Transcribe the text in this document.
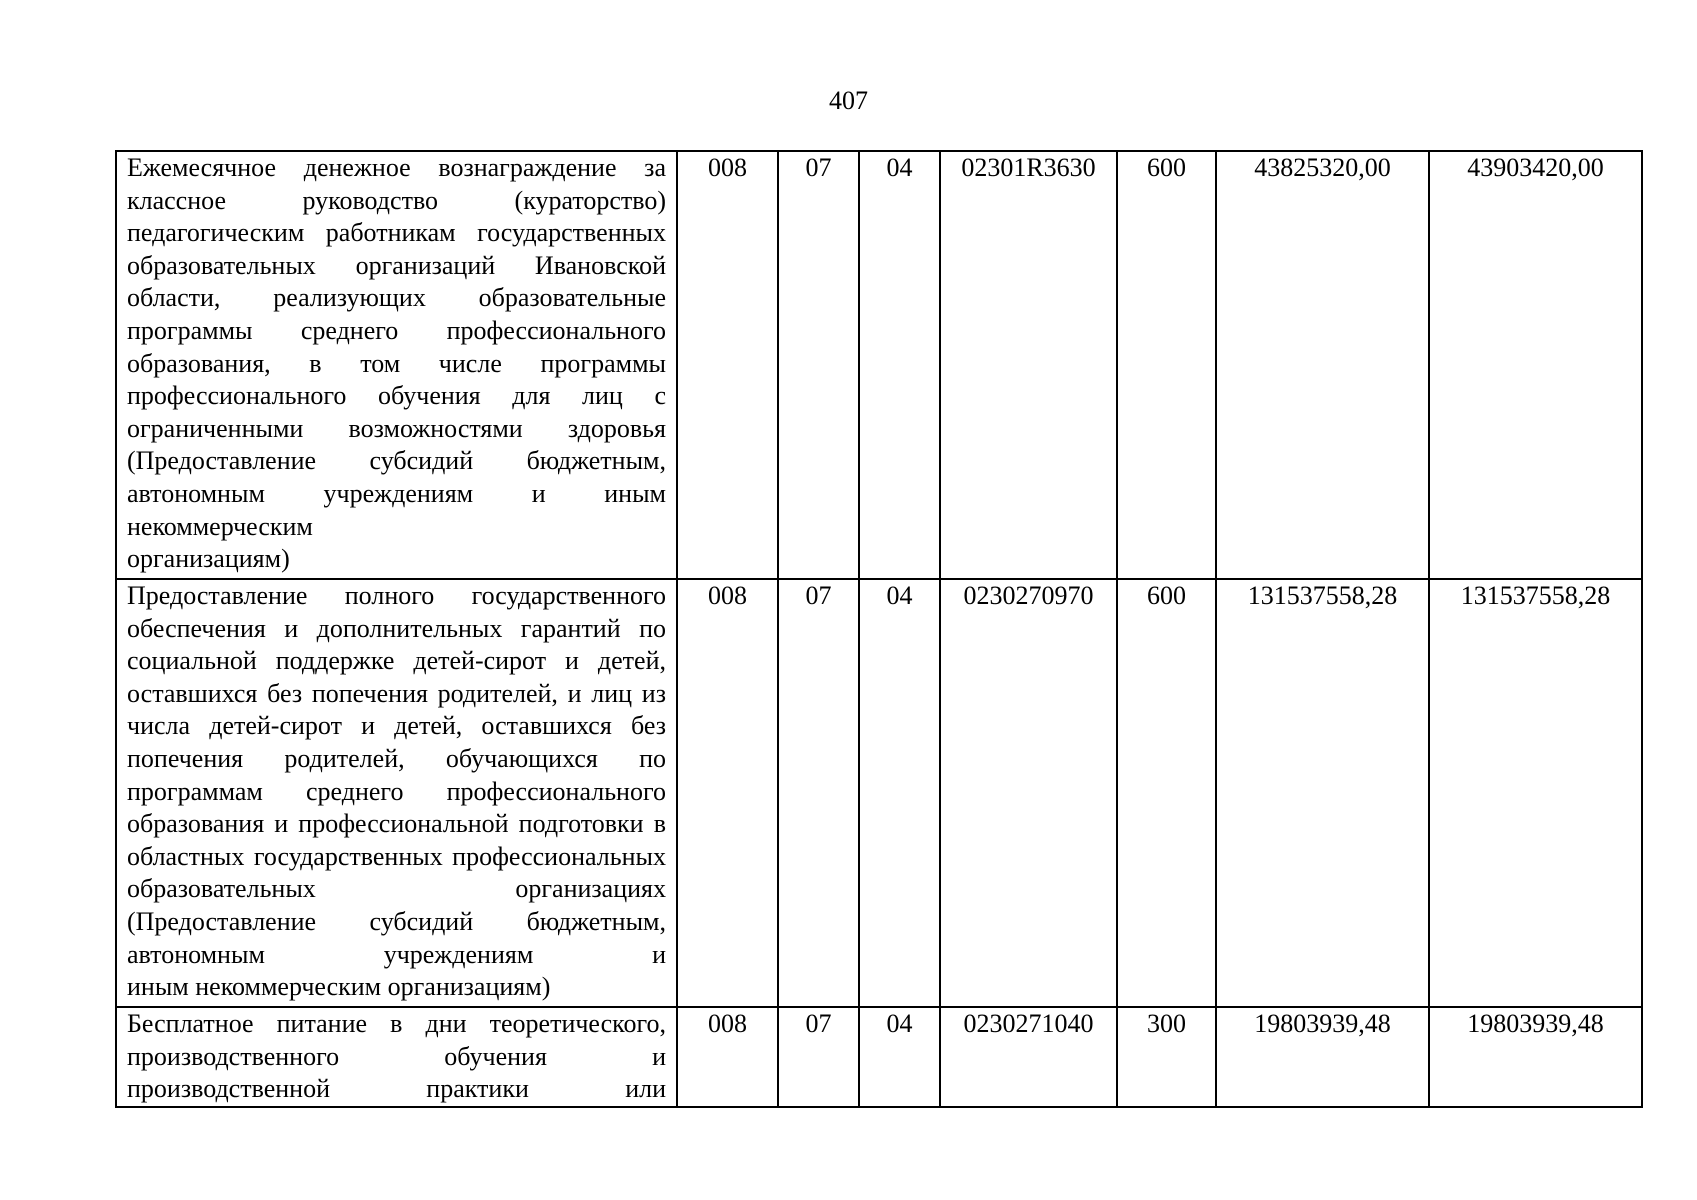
407
Ежемесячное денежное вознаграждение за классное руководство (кураторство) педагогическим работникам государственных образовательных организаций Ивановской области, реализующих образовательные программы среднего профессионального образования, в том числе программы профессионального обучения для лиц с ограниченными возможностями здоровья (Предоставление субсидий бюджетным, автономным учреждениям и иным некоммерческим
организациям)	008	07	04	02301R3630	600	43825320,00	43903420,00
Предоставление полного государственного обеспечения и дополнительных гарантий по социальной поддержке детей-сирот и детей, оставшихся без попечения родителей, и лиц из числа детей-сирот и детей, оставшихся без попечения родителей, обучающихся по программам среднего профессионального образования и профессиональной подготовки в областных государственных профессиональных образовательных организациях (Предоставление субсидий бюджетным, автономным учреждениям и
иным некоммерческим организациям)	008	07	04	0230270970	600	131537558,28	131537558,28
Бесплатное питание в дни теоретического, производственного обучения и производственной практики или	008	07	04	0230271040	300	19803939,48	19803939,48
